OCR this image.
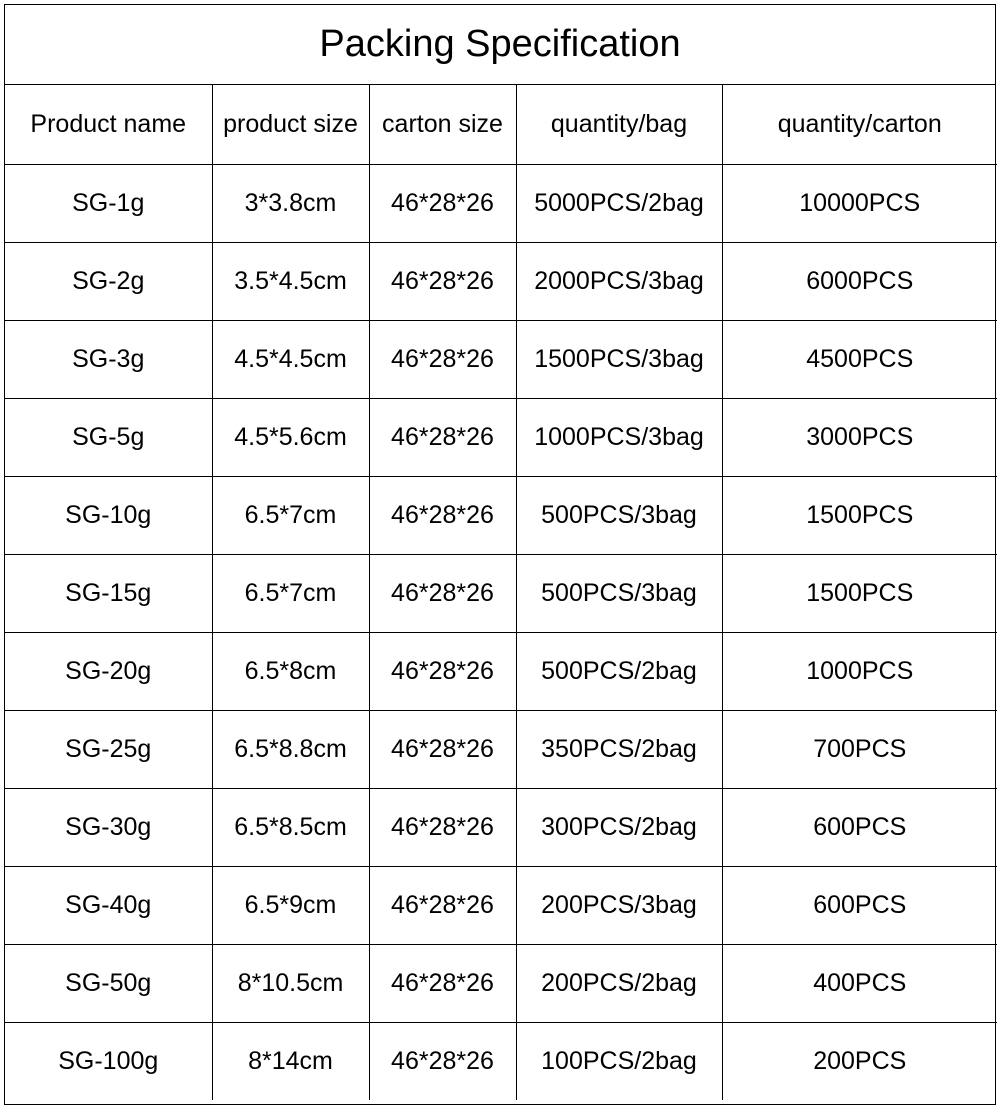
Packing Specification
Product name	product size	carton size	quantity/bag	quantity/carton
SG-1g	3*3.8cm	46*28*26	5000PCS/2bag	10000PCS
SG-2g	3.5*4.5cm	46*28*26	2000PCS/3bag	6000PCS
SG-3g	4.5*4.5cm	46*28*26	1500PCS/3bag	4500PCS
SG-5g	4.5*5.6cm	46*28*26	1000PCS/3bag	3000PCS
SG-10g	6.5*7cm	46*28*26	500PCS/3bag	1500PCS
SG-15g	6.5*7cm	46*28*26	500PCS/3bag	1500PCS
SG-20g	6.5*8cm	46*28*26	500PCS/2bag	1000PCS
SG-25g	6.5*8.8cm	46*28*26	350PCS/2bag	700PCS
SG-30g	6.5*8.5cm	46*28*26	300PCS/2bag	600PCS
SG-40g	6.5*9cm	46*28*26	200PCS/3bag	600PCS
SG-50g	8*10.5cm	46*28*26	200PCS/2bag	400PCS
SG-100g	8*14cm	46*28*26	100PCS/2bag	200PCS
